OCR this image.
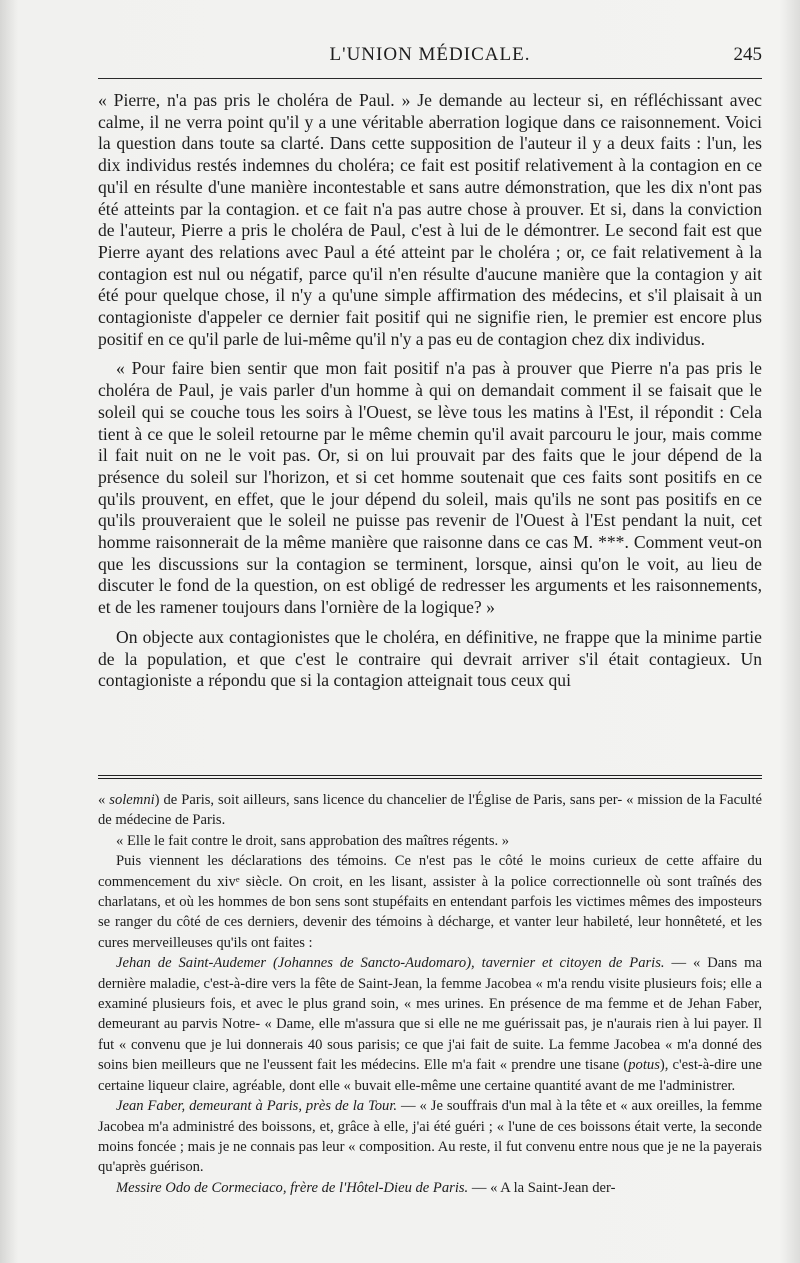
L'UNION MÉDICALE.	245

« Pierre, n'a pas pris le choléra de Paul. » Je demande au lecteur si, en réfléchissant avec calme, il ne verra point qu'il y a une véritable aberration logique dans ce raisonnement. Voici la question dans toute sa clarté. Dans cette supposition de l'auteur il y a deux faits : l'un, les dix individus restés indemnes du choléra; ce fait est positif relativement à la contagion en ce qu'il en résulte d'une manière incontestable et sans autre démonstration, que les dix n'ont pas été atteints par la contagion. et ce fait n'a pas autre chose à prouver. Et si, dans la conviction de l'auteur, Pierre a pris le choléra de Paul, c'est à lui de le démontrer. Le second fait est que Pierre ayant des relations avec Paul a été atteint par le choléra ; or, ce fait relativement à la contagion est nul ou négatif, parce qu'il n'en résulte d'aucune manière que la contagion y ait été pour quelque chose, il n'y a qu'une simple affirmation des médecins, et s'il plaisait à un contagioniste d'appeler ce dernier fait positif qui ne signifie rien, le premier est encore plus positif en ce qu'il parle de lui-même qu'il n'y a pas eu de contagion chez dix individus.

« Pour faire bien sentir que mon fait positif n'a pas à prouver que Pierre n'a pas pris le choléra de Paul, je vais parler d'un homme à qui on demandait comment il se faisait que le soleil qui se couche tous les soirs à l'Ouest, se lève tous les matins à l'Est, il répondit : Cela tient à ce que le soleil retourne par le même chemin qu'il avait parcouru le jour, mais comme il fait nuit on ne le voit pas. Or, si on lui prouvait par des faits que le jour dépend de la présence du soleil sur l'horizon, et si cet homme soutenait que ces faits sont positifs en ce qu'ils prouvent, en effet, que le jour dépend du soleil, mais qu'ils ne sont pas positifs en ce qu'ils prouveraient que le soleil ne puisse pas revenir de l'Ouest à l'Est pendant la nuit, cet homme raisonnerait de la même manière que raisonne dans ce cas M. ***. Comment veut-on que les discussions sur la contagion se terminent, lorsque, ainsi qu'on le voit, au lieu de discuter le fond de la question, on est obligé de redresser les arguments et les raisonnements, et de les ramener toujours dans l'ornière de la logique? »

On objecte aux contagionistes que le choléra, en définitive, ne frappe que la minime partie de la population, et que c'est le contraire qui devrait arriver s'il était contagieux. Un contagioniste a répondu que si la contagion atteignait tous ceux qui

« solemni) de Paris, soit ailleurs, sans licence du chancelier de l'Église de Paris, sans per- « mission de la Faculté de médecine de Paris.

« Elle le fait contre le droit, sans approbation des maîtres régents. »

Puis viennent les déclarations des témoins. Ce n'est pas le côté le moins curieux de cette affaire du commencement du xivᵉ siècle. On croit, en les lisant, assister à la police correctionnelle où sont traînés des charlatans, et où les hommes de bon sens sont stupéfaits en entendant parfois les victimes mêmes des imposteurs se ranger du côté de ces derniers, devenir des témoins à décharge, et vanter leur habileté, leur honnêteté, et les cures merveilleuses qu'ils ont faites :

Jehan de Saint-Audemer (Johannes de Sancto-Audomaro), tavernier et citoyen de Paris. — « Dans ma dernière maladie, c'est-à-dire vers la fête de Saint-Jean, la femme Jacobea « m'a rendu visite plusieurs fois; elle a examiné plusieurs fois, et avec le plus grand soin, « mes urines. En présence de ma femme et de Jehan Faber, demeurant au parvis Notre- « Dame, elle m'assura que si elle ne me guérissait pas, je n'aurais rien à lui payer. Il fut « convenu que je lui donnerais 40 sous parisis; ce que j'ai fait de suite. La femme Jacobea « m'a donné des soins bien meilleurs que ne l'eussent fait les médecins. Elle m'a fait « prendre une tisane (potus), c'est-à-dire une certaine liqueur claire, agréable, dont elle « buvait elle-même une certaine quantité avant de me l'administrer.

Jean Faber, demeurant à Paris, près de la Tour. — « Je souffrais d'un mal à la tête et « aux oreilles, la femme Jacobea m'a administré des boissons, et, grâce à elle, j'ai été guéri ; « l'une de ces boissons était verte, la seconde moins foncée ; mais je ne connais pas leur « composition. Au reste, il fut convenu entre nous que je ne la payerais qu'après guérison.

Messire Odo de Cormeciaco, frère de l'Hôtel-Dieu de Paris. — « A la Saint-Jean der-
